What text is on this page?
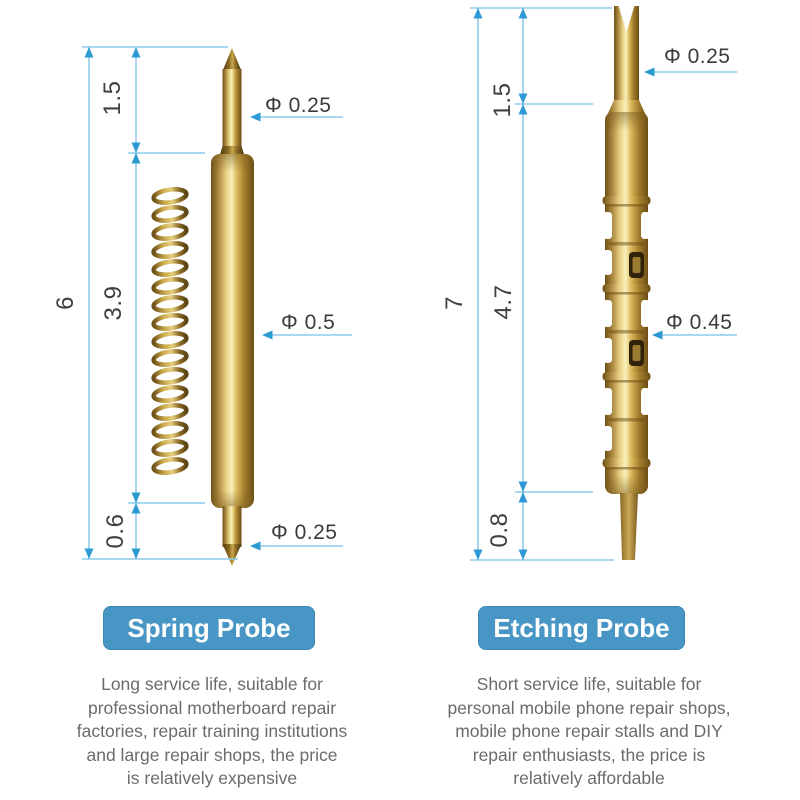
6
1.5
3.9
0.6
7
1.5
4.7
0.8
Φ 0.25
Φ 0.5
Φ 0.25
Φ 0.25
Φ 0.45
Spring Probe	Etching Probe
Long service life, suitable for
professional motherboard repair
factories, repair training institutions
and large repair shops, the price
is relatively expensive
Short service life, suitable for
personal mobile phone repair shops,
mobile phone repair stalls and DIY
repair enthusiasts, the price is
relatively affordable
